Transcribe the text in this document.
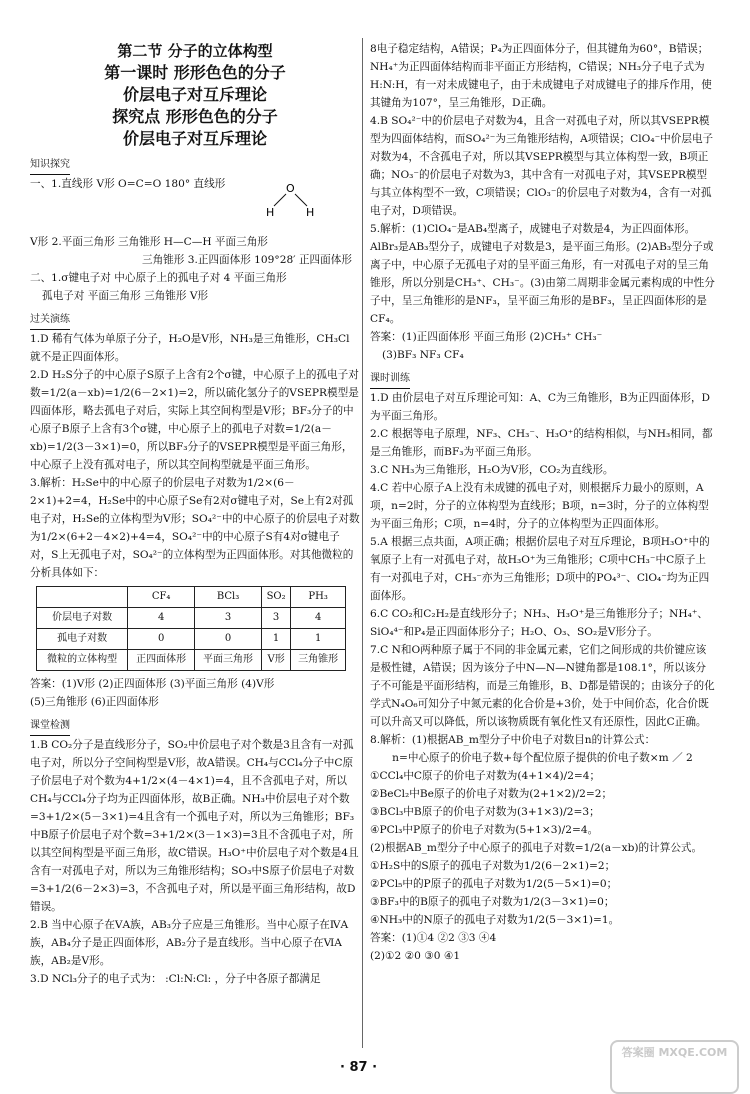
第二节 分子的立体构型
第一课时 形形色色的分子
价层电子对互斥理论
探究点 形形色色的分子
价层电子对互斥理论
知识探究

一、1.直线形 V形 O=C=O 180° 直线形

V形 2.平面三角形 三角锥形 H—C—H 平面三角形

三角锥形 3.正四面体形 109°28′ 正四面体形

二、1.σ键电子对 中心原子上的孤电子对 4 平面三角形

孤电子对 平面三角形 三角锥形 V形

过关演练

1.D 稀有气体为单原子分子，H₂O是V形，NH₃是三角锥形，CH₃Cl就不是正四面体形。

2.D H₂S分子的中心原子S原子上含有2个σ键，中心原子上的孤电子对数=1/2(a－xb)=1/2(6－2×1)=2，所以硫化氢分子的VSEPR模型是四面体形，略去孤电子对后，实际上其空间构型是V形；BF₃分子的中心原子B原子上含有3个σ键，中心原子上的孤电子对数=1/2(a－xb)=1/2(3－3×1)=0，所以BF₃分子的VSEPR模型是平面三角形，中心原子上没有孤对电子，所以其空间构型就是平面三角形。

3.解析：H₂Se中的中心原子的价层电子对数为1/2×(6－2×1)+2=4，H₂Se中的中心原子Se有2对σ键电子对，Se上有2对孤电子对，H₂Se的立体构型为V形；SO₄²⁻中的中心原子的价层电子对数为1/2×(6+2－4×2)+4=4，SO₄²⁻中的中心原子S有4对σ键电子对，S上无孤电子对，SO₄²⁻的立体构型为正四面体形。对其他微粒的分析具体如下：

	CF₄	BCl₃	SO₂	PH₃
价层电子对数	4	3	3	4
孤电子对数	0	0	1	1
微粒的立体构型	正四面体形	平面三角形	V形	三角锥形

答案：(1)V形 (2)正四面体形 (3)平面三角形 (4)V形

(5)三角锥形 (6)正四面体形

课堂检测

1.B CO₂分子是直线形分子，SO₂中价层电子对个数是3且含有一对孤电子对，所以分子空间构型是V形，故A错误。CH₄与CCl₄分子中C原子价层电子对个数为4+1/2×(4－4×1)=4，且不含孤电子对，所以CH₄与CCl₄分子均为正四面体形，故B正确。NH₃中价层电子对个数=3+1/2×(5－3×1)=4且含有一个孤电子对，所以为三角锥形；BF₃中B原子价层电子对个数=3+1/2×(3－1×3)=3且不含孤电子对，所以其空间构型是平面三角形，故C错误。H₃O⁺中价层电子对个数是4且含有一对孤电子对，所以为三角锥形结构；SO₃中S原子价层电子对数=3+1/2(6－2×3)=3，不含孤电子对，所以是平面三角形结构，故D错误。

2.B 当中心原子在ⅤA族，AB₃分子应是三角锥形。当中心原子在ⅣA族，AB₄分子是正四面体形，AB₂分子是直线形。当中心原子在ⅥA族，AB₂是V形。

3.D NCl₃分子的电子式为： :Cl:N:Cl: ，分子中各原子都满足

8电子稳定结构，A错误；P₄为正四面体分子，但其键角为60°，B错误；NH₄⁺为正四面体结构而非平面正方形结构，C错误；NH₃分子电子式为H:N:H，有一对未成键电子，由于未成键电子对成键电子的排斥作用，使其键角为107°，呈三角锥形，D正确。

4.B SO₄²⁻中的价层电子对数为4，且含一对孤电子对，所以其VSEPR模型为四面体结构，而SO₄²⁻为三角锥形结构，A项错误；ClO₄⁻中价层电子对数为4，不含孤电子对，所以其VSEPR模型与其立体构型一致，B项正确；NO₃⁻的价层电子对数为3，其中含有一对孤电子对，其VSEPR模型与其立体构型不一致，C项错误；ClO₃⁻的价层电子对数为4，含有一对孤电子对，D项错误。

5.解析：(1)ClO₄⁻是AB₄型离子，成键电子对数是4，为正四面体形。AlBr₃是AB₃型分子，成键电子对数是3，是平面三角形。(2)AB₃型分子或离子中，中心原子无孤电子对的呈平面三角形，有一对孤电子对的呈三角锥形，所以分别是CH₃⁺、CH₃⁻。(3)由第二周期非金属元素构成的中性分子中，呈三角锥形的是NF₃，呈平面三角形的是BF₃，呈正四面体形的是CF₄。

答案：(1)正四面体形 平面三角形 (2)CH₃⁺ CH₃⁻

(3)BF₃ NF₃ CF₄

课时训练

1.D 由价层电子对互斥理论可知：A、C为三角锥形，B为正四面体形，D为平面三角形。

2.C 根据等电子原理，NF₃、CH₃⁻、H₃O⁺的结构相似，与NH₃相同，都是三角锥形，而BF₃为平面三角形。

3.C NH₃为三角锥形，H₂O为V形，CO₂为直线形。

4.C 若中心原子A上没有未成键的孤电子对，则根据斥力最小的原则，A项，n=2时，分子的立体构型为直线形；B项，n=3时，分子的立体构型为平面三角形；C项，n=4时，分子的立体构型为正四面体形。

5.A 根据三点共面，A项正确；根据价层电子对互斥理论，B项H₃O⁺中的氧原子上有一对孤电子对，故H₃O⁺为三角锥形；C项中CH₃⁻中C原子上有一对孤电子对，CH₃⁻亦为三角锥形；D项中的PO₄³⁻、ClO₄⁻均为正四面体形。

6.C CO₂和C₂H₂是直线形分子；NH₃、H₃O⁺是三角锥形分子；NH₄⁺、SiO₄⁴⁻和P₄是正四面体形分子；H₂O、O₃、SO₂是V形分子。

7.C N和O两种原子属于不同的非金属元素，它们之间形成的共价键应该是极性键，A错误；因为该分子中N—N—N键角都是108.1°，所以该分子不可能是平面形结构，而是三角锥形，B、D都是错误的；由该分子的化学式N₄O₆可知分子中氮元素的化合价是+3价，处于中间价态，化合价既可以升高又可以降低，所以该物质既有氧化性又有还原性，因此C正确。

8.解析：(1)根据AB_m型分子中价电子对数目n的计算公式：

n=中心原子的价电子数+每个配位原子提供的价电子数×m ／ 2

①CCl₄中C原子的价电子对数为(4+1×4)/2=4；

②BeCl₂中Be原子的价电子对数为(2+1×2)/2=2；

③BCl₃中B原子的价电子对数为(3+1×3)/2=3；

④PCl₃中P原子的价电子对数为(5+1×3)/2=4。

(2)根据AB_m型分子中心原子的孤电子对数=1/2(a－xb)的计算公式。

①H₂S中的S原子的孤电子对数为1/2(6－2×1)=2；

②PCl₅中的P原子的孤电子对数为1/2(5－5×1)=0；

③BF₃中的B原子的孤电子对数为1/2(3－3×1)=0；

④NH₃中的N原子的孤电子对数为1/2(5－3×1)=1。

答案：(1)①4 ②2 ③3 ④4

(2)①2 ②0 ③0 ④1

O
H	H
· 87 ·
答案圈 MXQE.COM
